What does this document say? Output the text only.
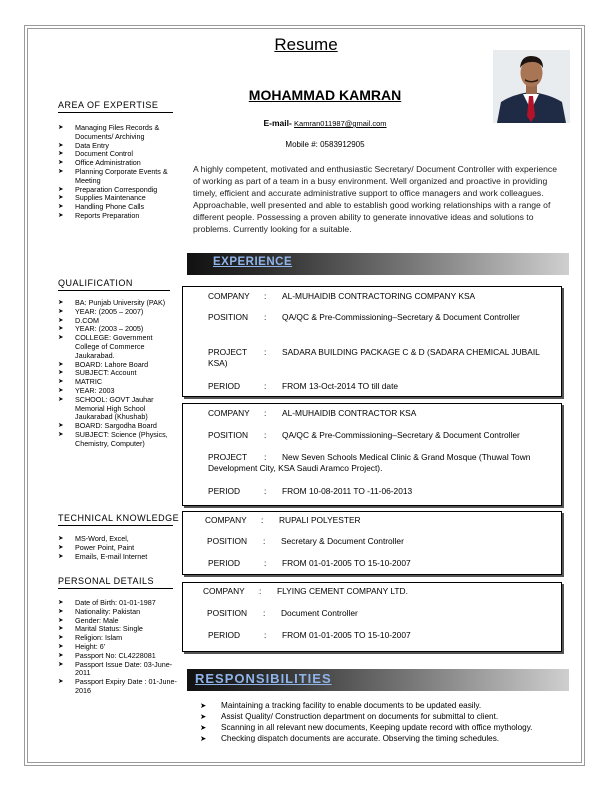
Resume
MOHAMMAD KAMRAN
E-mail- Kamran011987@gmail.com
Mobile #: 0583912905
A highly competent, motivated and enthusiastic Secretary/ Document Controller with experience of working as part of a team in a busy environment. Well organized and proactive in providing timely, efficient and accurate administrative support to office managers and work colleagues. Approachable, well presented and able to establish good working relationships with a range of different people. Possessing a proven ability to generate innovative ideas and solutions to problems. Currently looking for a suitable.
AREA OF EXPERTISE
➤ Managing Files Records & Documents/ Archiving
➤ Data Entry
➤ Document Control
➤ Office Administration
➤ Planning Corporate Events & Meeting
➤ Preparation Correspondig
➤ Supplies Maintenance
➤ Handling Phone Calls
➤ Reports Preparation
QUALIFICATION
➤ BA: Punjab University (PAK)
➤ YEAR: (2005 – 2007)
➤ D.COM
➤ YEAR: (2003 – 2005)
➤ COLLEGE: Government College of Commerce Jaukarabad.
➤ BOARD: Lahore Board
➤ SUBJECT: Account
➤ MATRIC
➤ YEAR: 2003
➤ SCHOOL: GOVT Jauhar Memorial High School Jaukarabad (Khushab)
➤ BOARD: Sargodha Board
➤ SUBJECT: Science (Physics, Chemistry, Computer)
TECHNICAL KNOWLEDGE
➤ MS-Word, Excel,
➤ Power Point, Paint
➤ Emails, E-mail Internet
PERSONAL DETAILS
➤ Date of Birth: 01-01-1987
➤ Nationality: Pakistan
➤ Gender: Male
➤ Marital Status: Single
➤ Religion: Islam
➤ Height: 6'
➤ Passport No: CL4228081
➤ Passport Issue Date: 03-June-2011
➤ Passport Expiry Date : 01-June-2016
EXPERIENCE
COMPANY : AL-MUHAIDIB CONTRACTORING COMPANY KSA
POSITION : QA/QC & Pre-Commissioning–Secretary & Document Controller
PROJECT : SADARA BUILDING PACKAGE C & D (SADARA CHEMICAL JUBAIL KSA)
PERIOD	: FROM 13-Oct-2014 TO till date
COMPANY : AL-MUHAIDIB CONTRACTOR KSA
POSITION : QA/QC & Pre-Commissioning–Secretary & Document Controller
PROJECT : New Seven Schools Medical Clinic & Grand Mosque (Thuwal Town Development City, KSA Saudi Aramco Project).
PERIOD	: FROM 10-08-2011 TO -11-06-2013
COMPANY : RUPALI POLYESTER
POSITION : Secretary & Document Controller
PERIOD	: FROM 01-01-2005 TO 15-10-2007
COMPANY : FLYING CEMENT COMPANY LTD.
POSITION : Document Controller
PERIOD	: FROM 01-01-2005 TO 15-10-2007
RESPONSIBILITIES
➤ Maintaining a tracking facility to enable documents to be updated easily.
➤ Assist Quality/ Construction department on documents for submittal to client.
➤ Scanning in all relevant new documents, Keeping update record with office mythology.
➤ Checking dispatch documents are accurate. Observing the timing schedules.
